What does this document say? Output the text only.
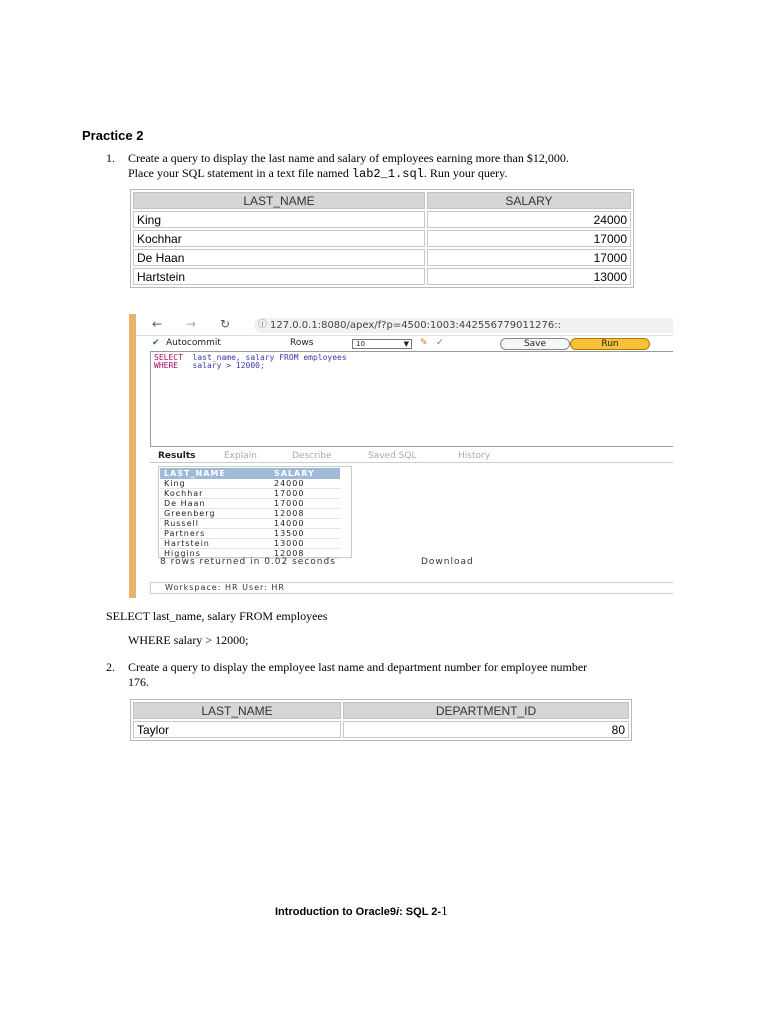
Practice 2
1.	Create a query to display the last name and salary of employees earning more than $12,000.
Place your SQL statement in a text file named lab2_1.sql. Run your query.
LAST_NAME	SALARY
King	24000
Kochhar	17000
De Haan	17000
Hartstein	13000
← → ↻	ⓘ 127.0.0.1:8080/apex/f?p=4500:1003:442556779011276::
✔ Autocommit	Rows	10	▼ ✎ ✓	Save	Run
SELECT last_name, salary FROM employees
WHERE salary > 12000;
Results	Explain	Describe	Saved SQL	History
LAST_NAME	SALARY
King	24000
Kochhar	17000
De Haan	17000
Greenberg	12008
Russell	14000
Partners	13500
Hartstein	13000
Higgins	12008
8 rows returned in 0.02 seconds	Download
Workspace: HR User: HR
SELECT last_name, salary FROM employees
WHERE salary > 12000;
2.	Create a query to display the employee last name and department number for employee number
176.
LAST_NAME	DEPARTMENT_ID
Taylor	80
Introduction to Oracle9i: SQL 2-1
